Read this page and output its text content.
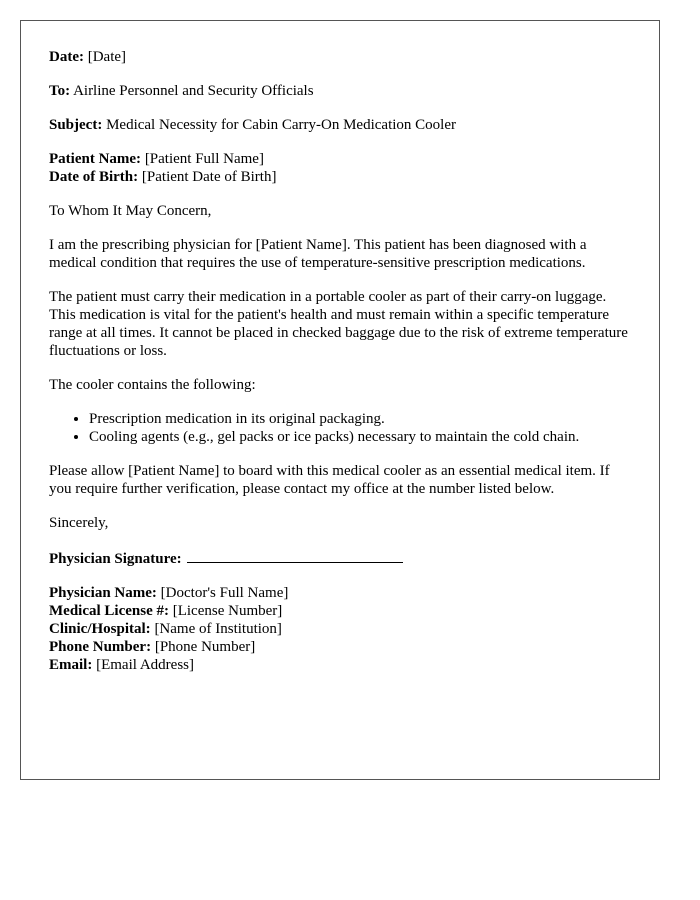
Date: [Date]

To: Airline Personnel and Security Officials

Subject: Medical Necessity for Cabin Carry-On Medication Cooler

Patient Name: [Patient Full Name]

Date of Birth: [Patient Date of Birth]

To Whom It May Concern,

I am the prescribing physician for [Patient Name]. This patient has been diagnosed with a medical condition that requires the use of temperature-sensitive prescription medications.

The patient must carry their medication in a portable cooler as part of their carry-on luggage. This medication is vital for the patient's health and must remain within a specific temperature range at all times. It cannot be placed in checked baggage due to the risk of extreme temperature fluctuations or loss.

The cooler contains the following:

• Prescription medication in its original packaging.
• Cooling agents (e.g., gel packs or ice packs) necessary to maintain the cold chain.

Please allow [Patient Name] to board with this medical cooler as an essential medical item. If you require further verification, please contact my office at the number listed below.

Sincerely,

Physician Signature:

Physician Name: [Doctor's Full Name]

Medical License #: [License Number]

Clinic/Hospital: [Name of Institution]

Phone Number: [Phone Number]

Email: [Email Address]
